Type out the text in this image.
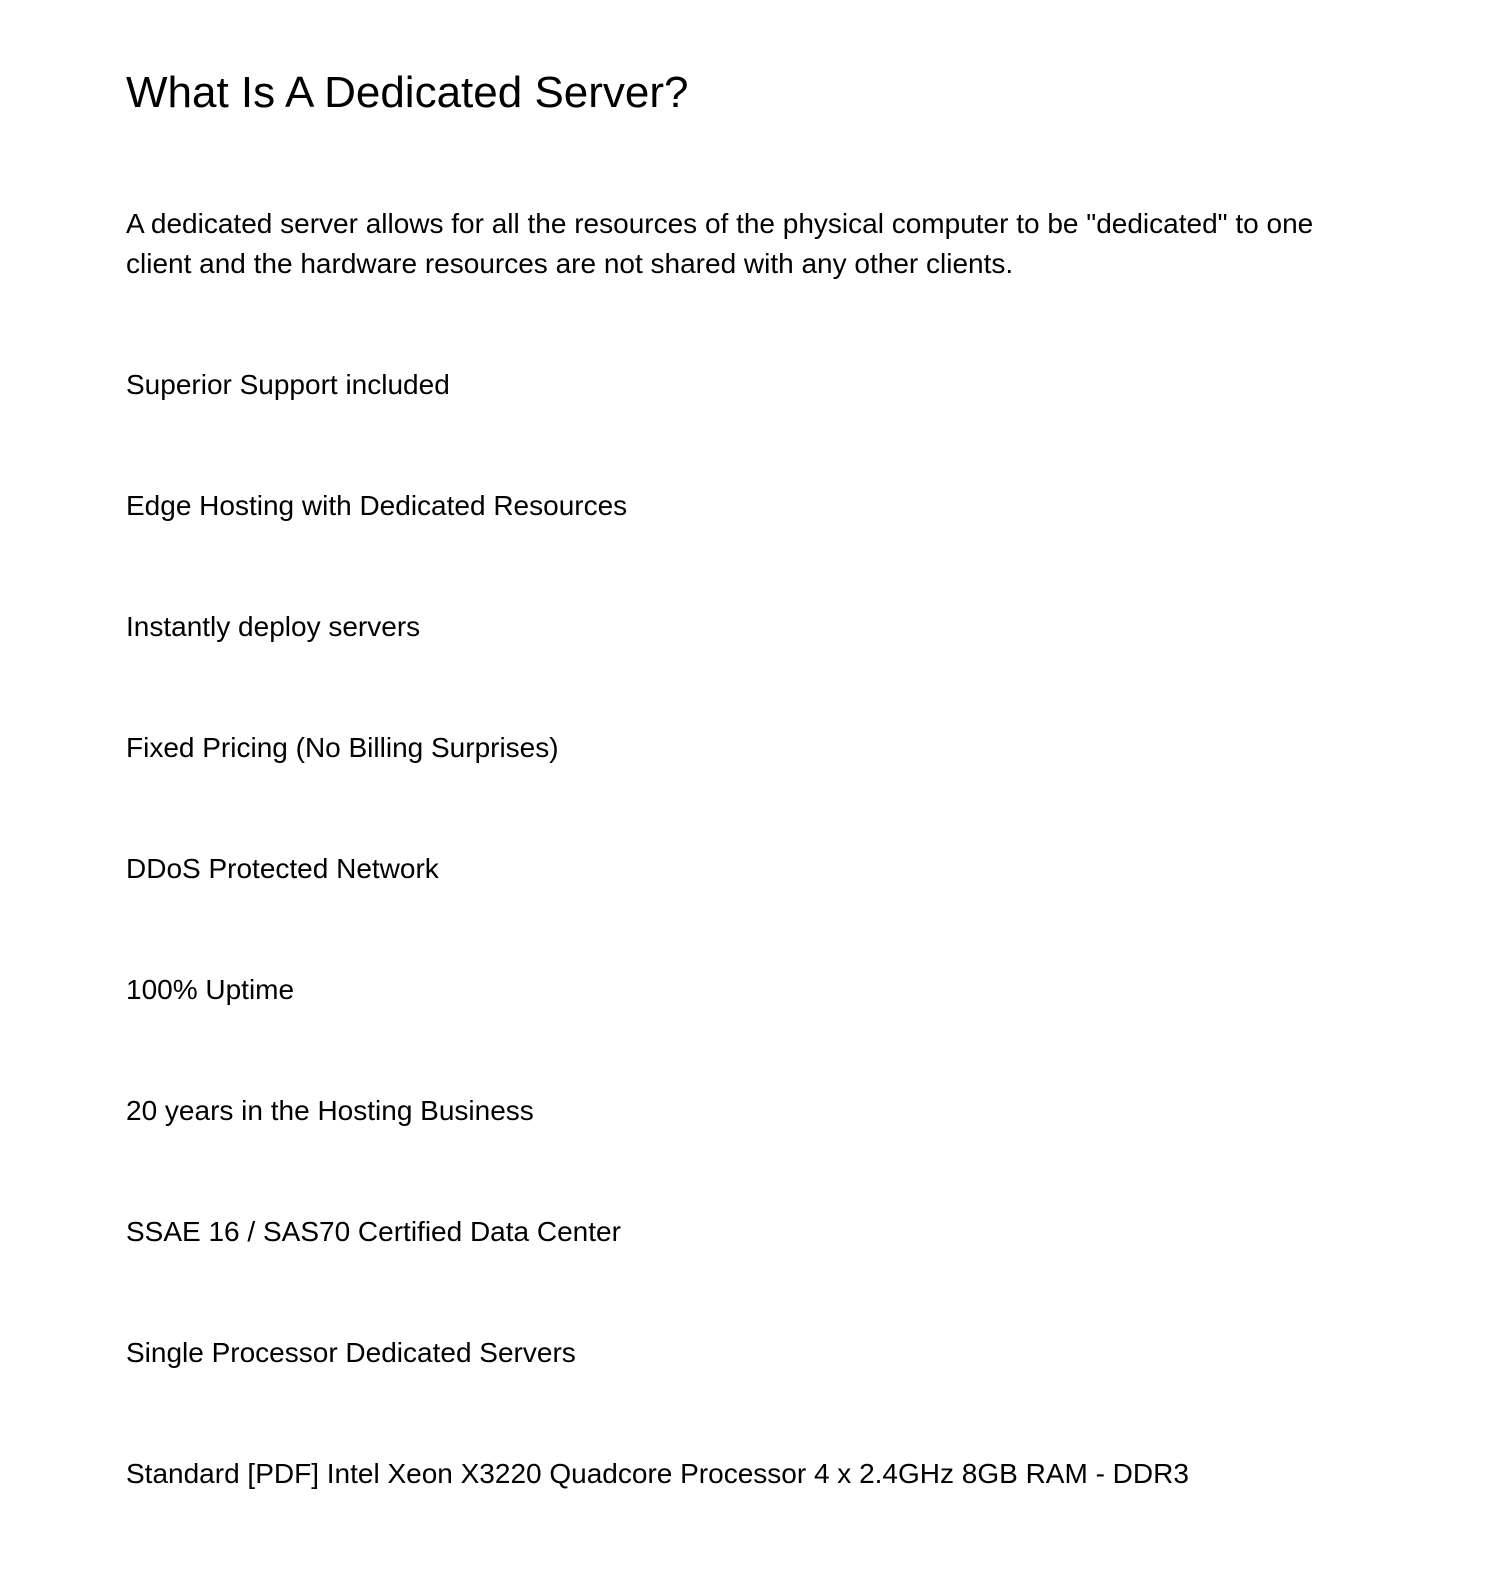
What Is A Dedicated Server?

A dedicated server allows for all the resources of the physical computer to be "dedicated" to one client and the hardware resources are not shared with any other clients.

Superior Support included
Edge Hosting with Dedicated Resources
Instantly deploy servers
Fixed Pricing (No Billing Surprises)
DDoS Protected Network
100% Uptime
20 years in the Hosting Business
SSAE 16 / SAS70 Certified Data Center
Single Processor Dedicated Servers
Standard [PDF] Intel Xeon X3220 Quadcore Processor 4 x 2.4GHz 8GB RAM - DDR3
